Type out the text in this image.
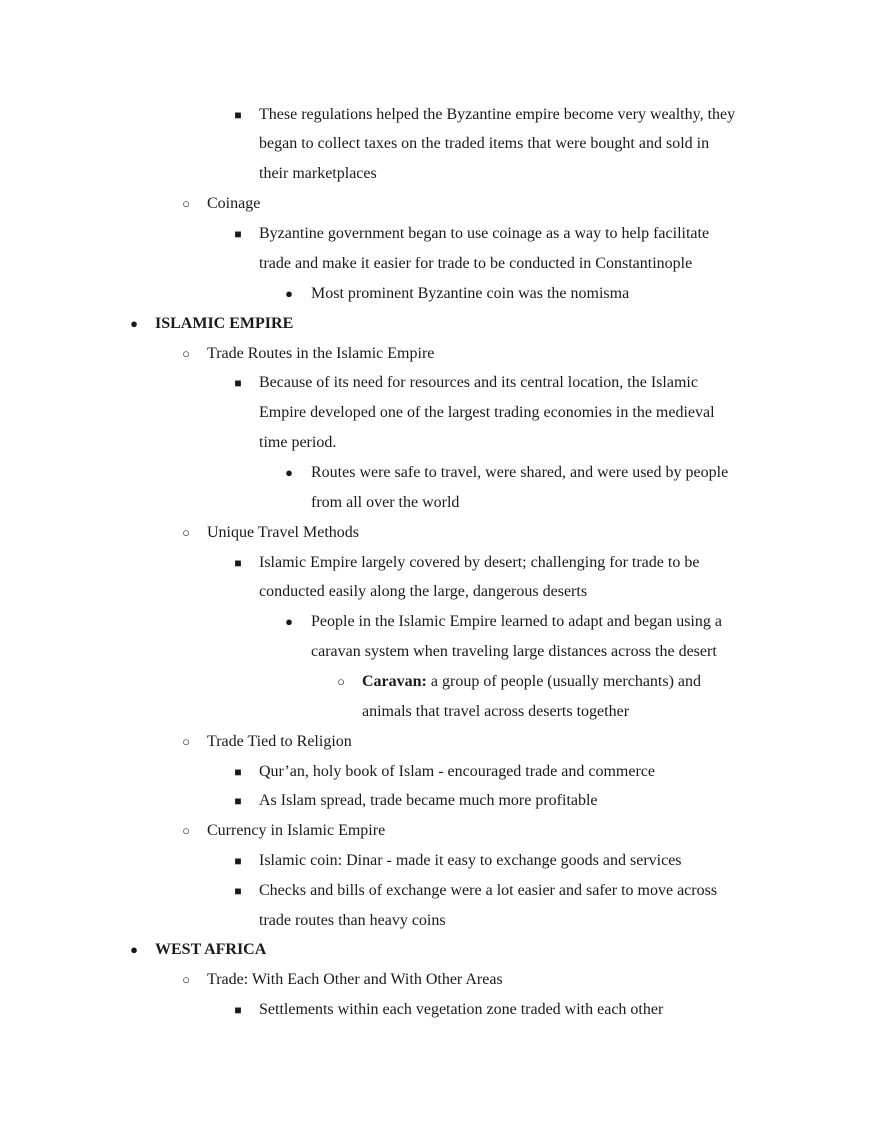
■ These regulations helped the Byzantine empire become very wealthy, they
began to collect taxes on the traded items that were bought and sold in
their marketplaces
○ Coinage
■ Byzantine government began to use coinage as a way to help facilitate
trade and make it easier for trade to be conducted in Constantinople
● Most prominent Byzantine coin was the nomisma
● ISLAMIC EMPIRE
○ Trade Routes in the Islamic Empire
■ Because of its need for resources and its central location, the Islamic
Empire developed one of the largest trading economies in the medieval
time period.
● Routes were safe to travel, were shared, and were used by people
from all over the world
○ Unique Travel Methods
■ Islamic Empire largely covered by desert; challenging for trade to be
conducted easily along the large, dangerous deserts
● People in the Islamic Empire learned to adapt and began using a
caravan system when traveling large distances across the desert
○ Caravan: a group of people (usually merchants) and
animals that travel across deserts together
○ Trade Tied to Religion
■ Qur’an, holy book of Islam - encouraged trade and commerce
■ As Islam spread, trade became much more profitable
○ Currency in Islamic Empire
■ Islamic coin: Dinar - made it easy to exchange goods and services
■ Checks and bills of exchange were a lot easier and safer to move across
trade routes than heavy coins
● WEST AFRICA
○ Trade: With Each Other and With Other Areas
■ Settlements within each vegetation zone traded with each other
